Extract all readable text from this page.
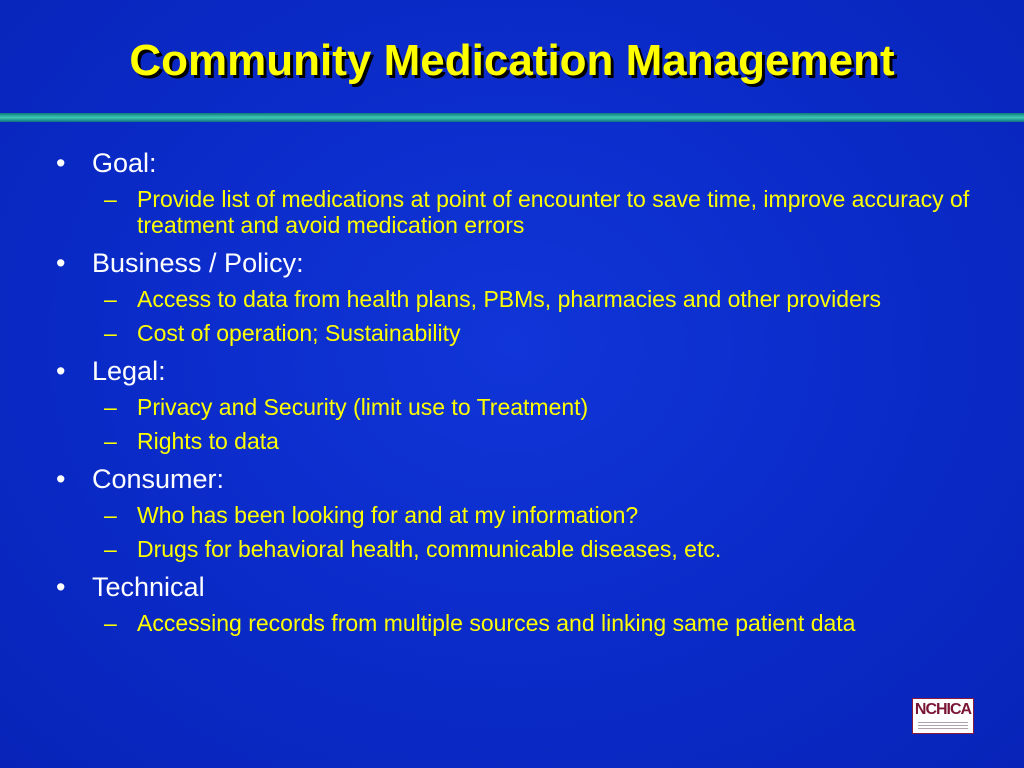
Community Medication Management
• Goal:
– Provide list of medications at point of encounter to save time, improve accuracy of treatment and avoid medication errors
• Business / Policy:
– Access to data from health plans, PBMs, pharmacies and other providers
– Cost of operation; Sustainability
• Legal:
– Privacy and Security (limit use to Treatment)
– Rights to data
• Consumer:
– Who has been looking for and at my information?
– Drugs for behavioral health, communicable diseases, etc.
• Technical
– Accessing records from multiple sources and linking same patient data
NCHICA
